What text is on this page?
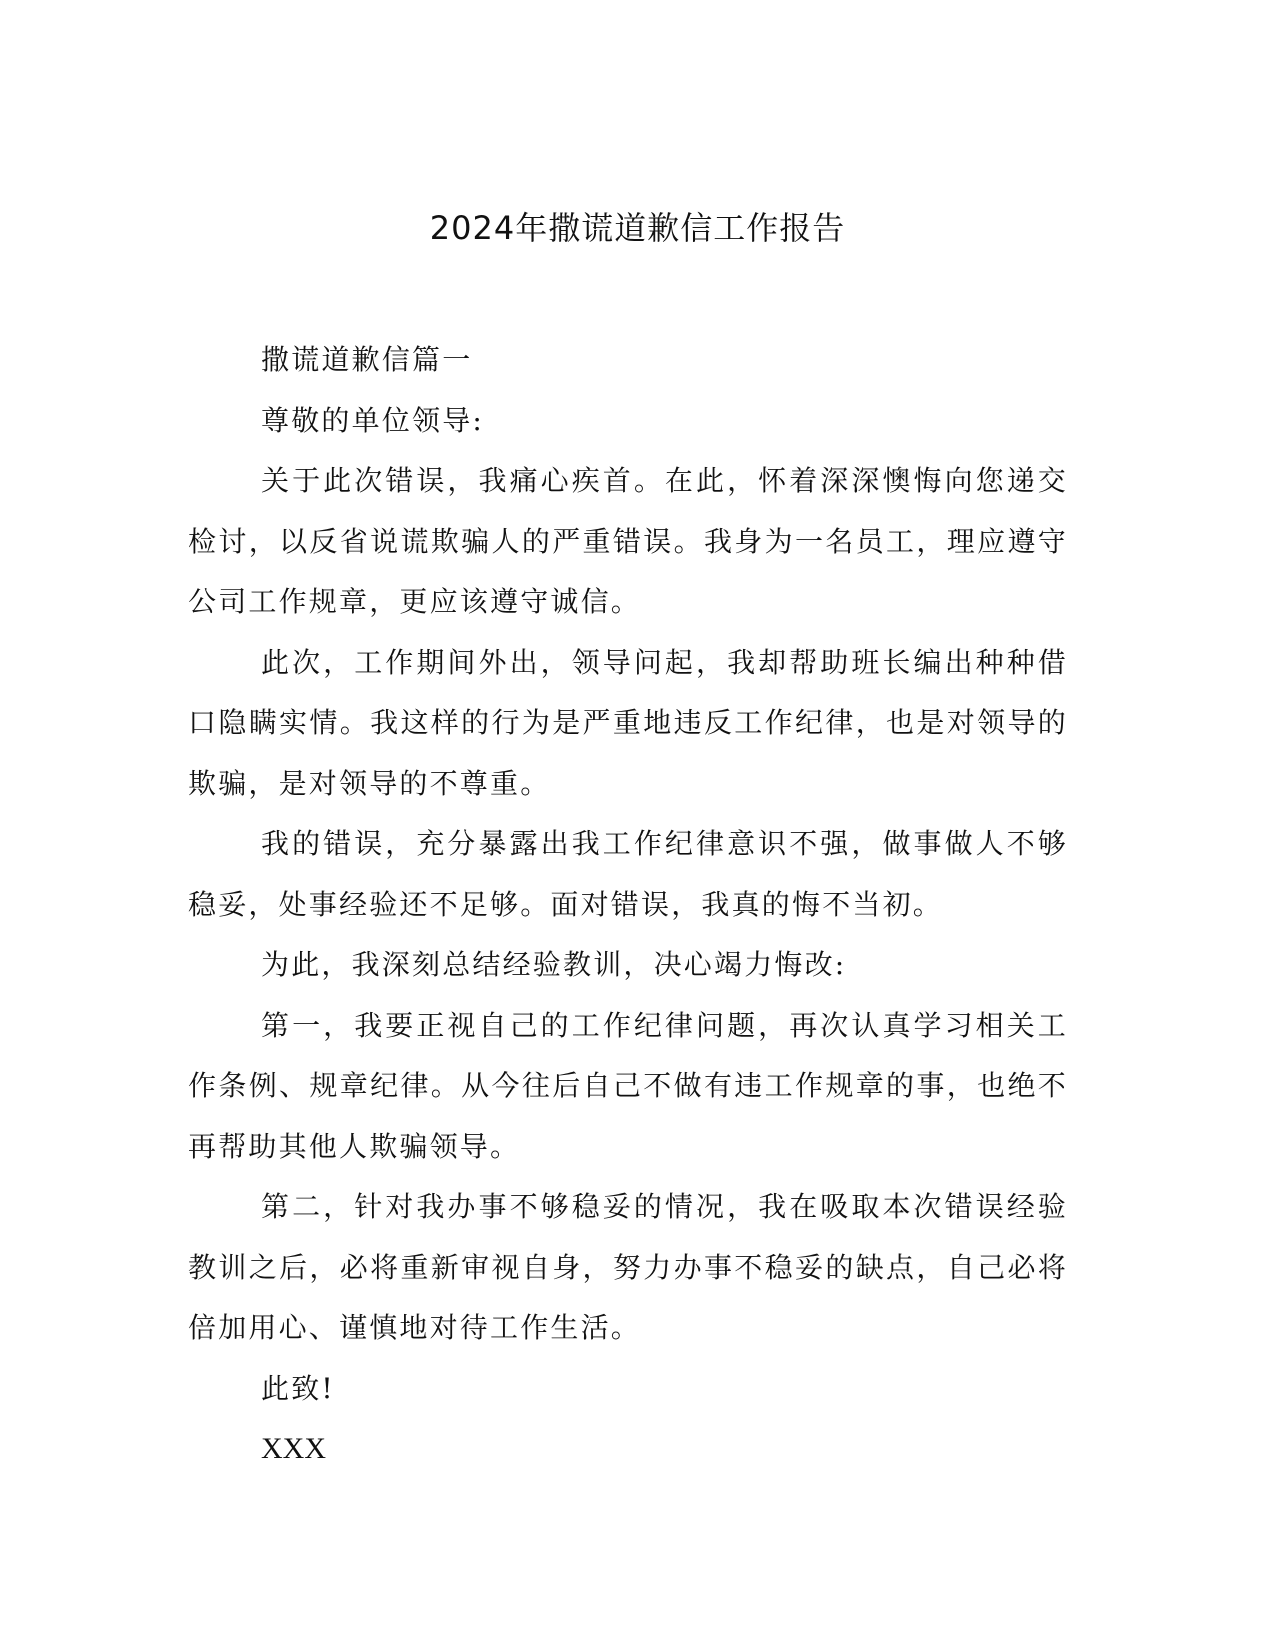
2024年撒谎道歉信工作报告

撒谎道歉信篇一

尊敬的单位领导:

关于此次错误，我痛心疾首。在此，怀着深深懊悔向您递交检讨，以反省说谎欺骗人的严重错误。我身为一名员工，理应遵守公司工作规章，更应该遵守诚信。

此次，工作期间外出，领导问起，我却帮助班长编出种种借口隐瞒实情。我这样的行为是严重地违反工作纪律，也是对领导的欺骗，是对领导的不尊重。

我的错误，充分暴露出我工作纪律意识不强，做事做人不够稳妥，处事经验还不足够。面对错误，我真的悔不当初。

为此，我深刻总结经验教训，决心竭力悔改:

第一，我要正视自己的工作纪律问题，再次认真学习相关工作条例、规章纪律。从今往后自己不做有违工作规章的事，也绝不再帮助其他人欺骗领导。

第二，针对我办事不够稳妥的情况，我在吸取本次错误经验教训之后，必将重新审视自身，努力办事不稳妥的缺点，自己必将倍加用心、谨慎地对待工作生活。

此致!

XXX
